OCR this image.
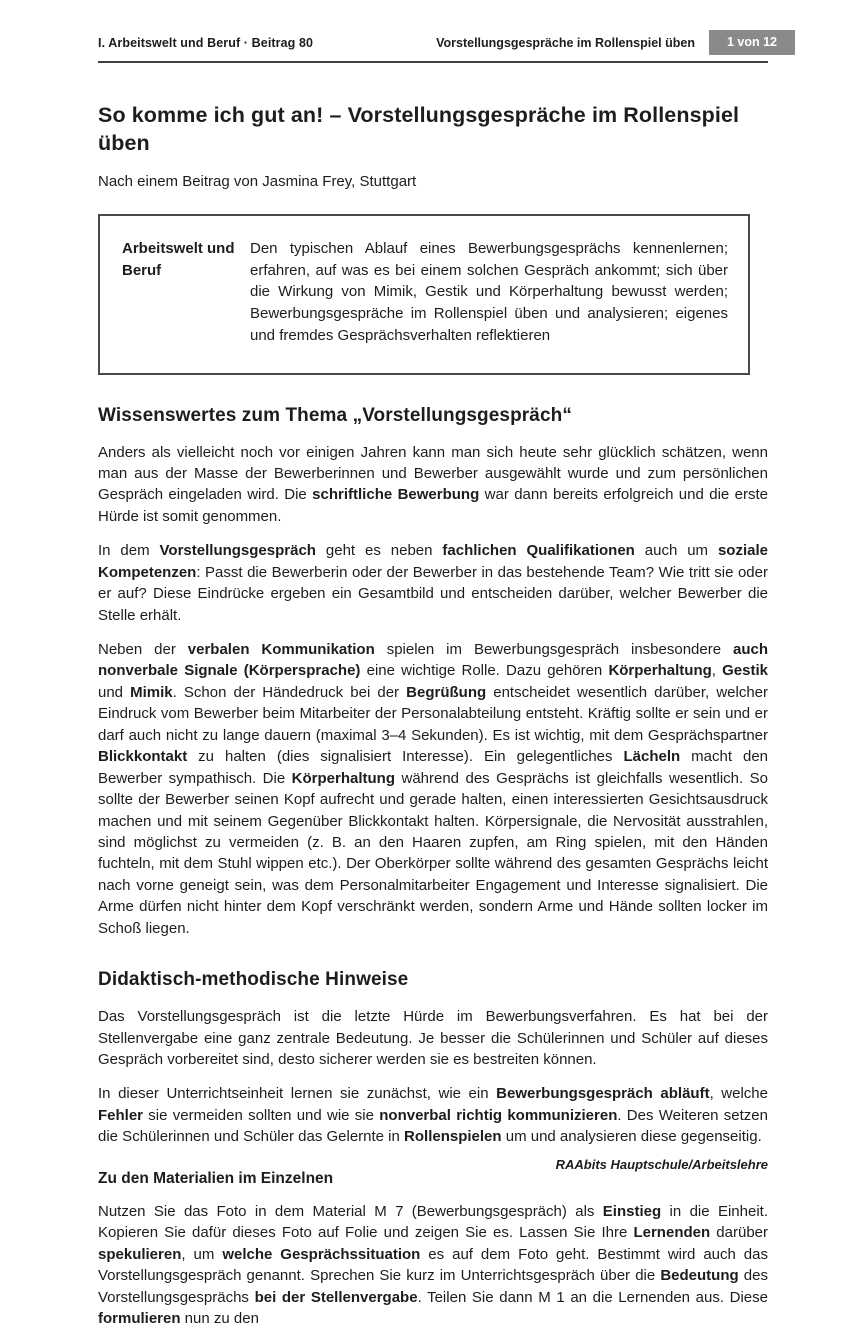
I. Arbeitswelt und Beruf · Beitrag 80	Vorstellungsgespräche im Rollenspiel üben	1 von 12
So komme ich gut an! – Vorstellungsgespräche im Rollenspiel üben
Nach einem Beitrag von Jasmina Frey, Stuttgart
Arbeitswelt und Beruf
Den typischen Ablauf eines Bewerbungsgesprächs kennenlernen; erfahren, auf was es bei einem solchen Gespräch ankommt; sich über die Wirkung von Mimik, Gestik und Körperhaltung bewusst werden; Bewerbungsgespräche im Rollenspiel üben und analysieren; eigenes und fremdes Gesprächsverhalten reflektieren
Wissenswertes zum Thema „Vorstellungsgespräch“

Anders als vielleicht noch vor einigen Jahren kann man sich heute sehr glücklich schätzen, wenn man aus der Masse der Bewerberinnen und Bewerber ausgewählt wurde und zum persönlichen Gespräch eingeladen wird. Die schriftliche Bewerbung war dann bereits erfolgreich und die erste Hürde ist somit genommen.

In dem Vorstellungsgespräch geht es neben fachlichen Qualifikationen auch um soziale Kompetenzen: Passt die Bewerberin oder der Bewerber in das bestehende Team? Wie tritt sie oder er auf? Diese Eindrücke ergeben ein Gesamtbild und entscheiden darüber, welcher Bewerber die Stelle erhält.

Neben der verbalen Kommunikation spielen im Bewerbungsgespräch insbesondere auch nonverbale Signale (Körpersprache) eine wichtige Rolle. Dazu gehören Körperhaltung, Gestik und Mimik. Schon der Händedruck bei der Begrüßung entscheidet wesentlich darüber, welcher Eindruck vom Bewerber beim Mitarbeiter der Personalabteilung entsteht. Kräftig sollte er sein und er darf auch nicht zu lange dauern (maximal 3–4 Sekunden). Es ist wichtig, mit dem Gesprächspartner Blickkontakt zu halten (dies signalisiert Interesse). Ein gelegentliches Lächeln macht den Bewerber sympathisch. Die Körperhaltung während des Gesprächs ist gleichfalls wesentlich. So sollte der Bewerber seinen Kopf aufrecht und gerade halten, einen interessierten Gesichtsausdruck machen und mit seinem Gegenüber Blickkontakt halten. Körpersignale, die Nervosität ausstrahlen, sind möglichst zu vermeiden (z. B. an den Haaren zupfen, am Ring spielen, mit den Händen fuchteln, mit dem Stuhl wippen etc.). Der Oberkörper sollte während des gesamten Gesprächs leicht nach vorne geneigt sein, was dem Personalmitarbeiter Engagement und Interesse signalisiert. Die Arme dürfen nicht hinter dem Kopf verschränkt werden, sondern Arme und Hände sollten locker im Schoß liegen.

Didaktisch-methodische Hinweise

Das Vorstellungsgespräch ist die letzte Hürde im Bewerbungsverfahren. Es hat bei der Stellenvergabe eine ganz zentrale Bedeutung. Je besser die Schülerinnen und Schüler auf dieses Gespräch vorbereitet sind, desto sicherer werden sie es bestreiten können.

In dieser Unterrichtseinheit lernen sie zunächst, wie ein Bewerbungsgespräch abläuft, welche Fehler sie vermeiden sollten und wie sie nonverbal richtig kommunizieren. Des Weiteren setzen die Schülerinnen und Schüler das Gelernte in Rollenspielen um und analysieren diese gegenseitig.

Zu den Materialien im Einzelnen

Nutzen Sie das Foto in dem Material M 7 (Bewerbungsgespräch) als Einstieg in die Einheit. Kopieren Sie dafür dieses Foto auf Folie und zeigen Sie es. Lassen Sie Ihre Lernenden darüber spekulieren, um welche Gesprächssituation es auf dem Foto geht. Bestimmt wird auch das Vorstellungsgespräch genannt. Sprechen Sie kurz im Unterrichtsgespräch über die Bedeutung des Vorstellungsgesprächs bei der Stellenvergabe. Teilen Sie dann M 1 an die Lernenden aus. Diese formulieren nun zu den

RAAbits Hauptschule/Arbeitslehre
